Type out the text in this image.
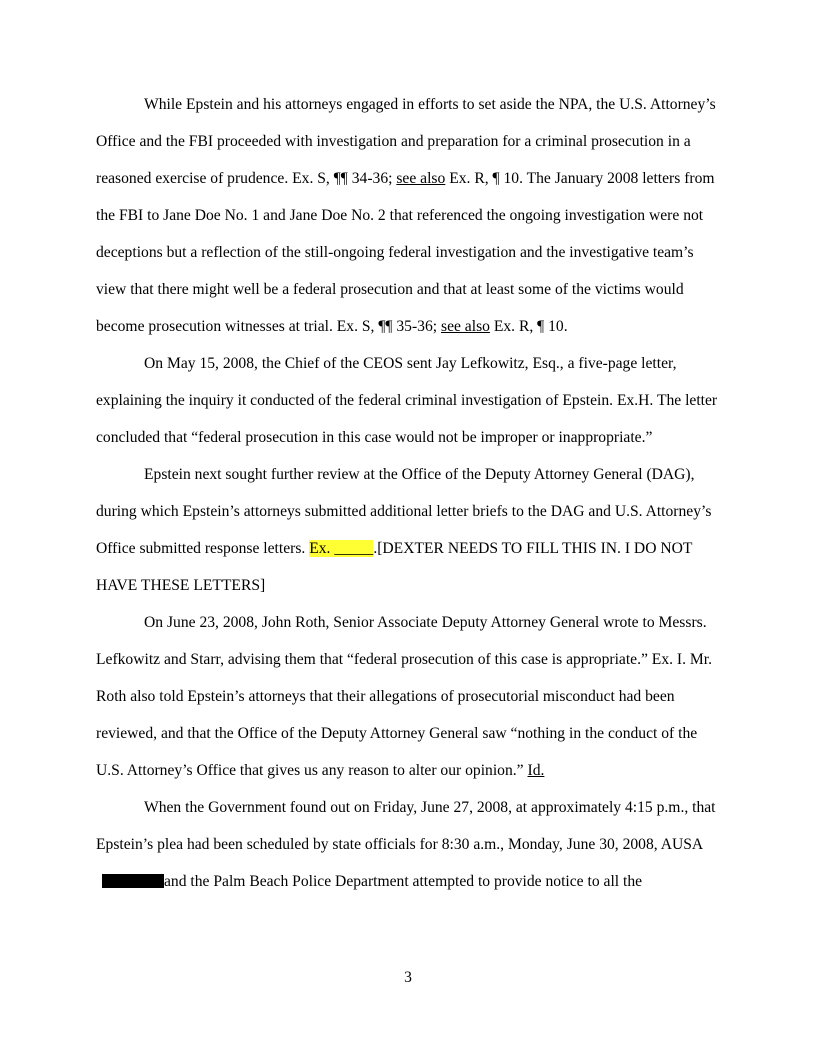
While Epstein and his attorneys engaged in efforts to set aside the NPA, the U.S. Attorney’s Office and the FBI proceeded with investigation and preparation for a criminal prosecution in a reasoned exercise of prudence. Ex. S, ¶¶ 34-36; see also Ex. R, ¶ 10. The January 2008 letters from the FBI to Jane Doe No. 1 and Jane Doe No. 2 that referenced the ongoing investigation were not deceptions but a reflection of the still-ongoing federal investigation and the investigative team’s view that there might well be a federal prosecution and that at least some of the victims would become prosecution witnesses at trial. Ex. S, ¶¶ 35-36; see also Ex. R, ¶ 10.

On May 15, 2008, the Chief of the CEOS sent Jay Lefkowitz, Esq., a five-page letter, explaining the inquiry it conducted of the federal criminal investigation of Epstein. Ex.H. The letter concluded that “federal prosecution in this case would not be improper or inappropriate.”

Epstein next sought further review at the Office of the Deputy Attorney General (DAG), during which Epstein’s attorneys submitted additional letter briefs to the DAG and U.S. Attorney’s Office submitted response letters. Ex. _____.[DEXTER NEEDS TO FILL THIS IN. I DO NOT HAVE THESE LETTERS]

On June 23, 2008, John Roth, Senior Associate Deputy Attorney General wrote to Messrs. Lefkowitz and Starr, advising them that “federal prosecution of this case is appropriate.” Ex. I. Mr. Roth also told Epstein’s attorneys that their allegations of prosecutorial misconduct had been reviewed, and that the Office of the Deputy Attorney General saw “nothing in the conduct of the U.S. Attorney’s Office that gives us any reason to alter our opinion.” Id.

When the Government found out on Friday, June 27, 2008, at approximately 4:15 p.m., that Epstein’s plea had been scheduled by state officials for 8:30 a.m., Monday, June 30, 2008, AUSA and the Palm Beach Police Department attempted to provide notice to all the

3
